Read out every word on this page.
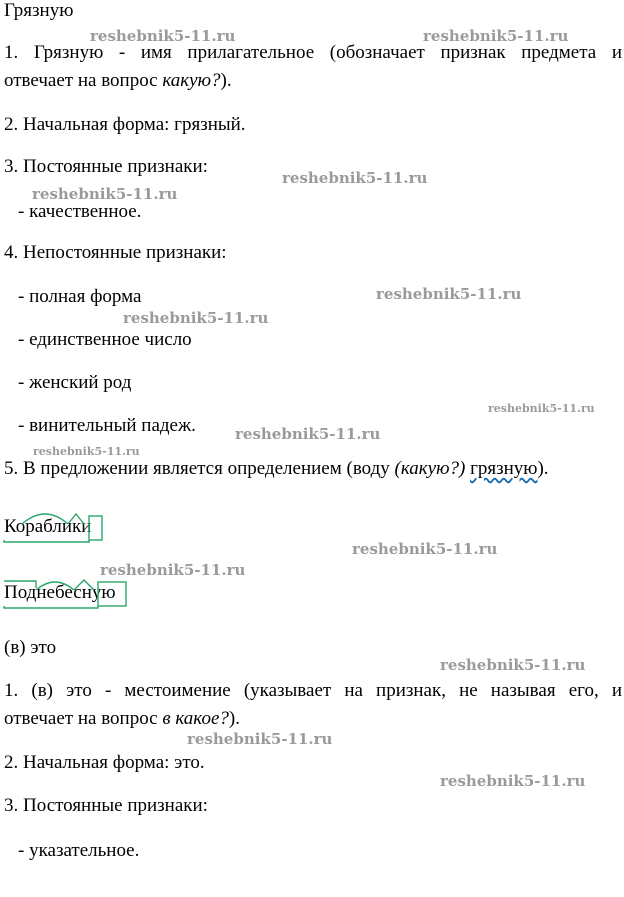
Грязную
1. Грязную - имя прилагательное (обозначает признак предмета и
отвечает на вопрос какую?).
2. Начальная форма: грязный.
3. Постоянные признаки:
- качественное.
4. Непостоянные признаки:
- полная форма
- единственное число
- женский род
- винительный падеж.
5. В предложении является определением (воду (какую?) грязную).
Кораблики
Поднебесную
(в) это
1. (в) это - местоимение (указывает на признак, не называя его, и
отвечает на вопрос в какое?).
2. Начальная форма: это.
3. Постоянные признаки:
- указательное.
reshebnik5-11.ru	reshebnik5-11.ru
reshebnik5-11.ru
reshebnik5-11.ru
reshebnik5-11.ru
reshebnik5-11.ru
reshebnik5-11.ru
reshebnik5-11.ru
reshebnik5-11.ru
reshebnik5-11.ru
reshebnik5-11.ru
reshebnik5-11.ru
reshebnik5-11.ru
reshebnik5-11.ru
